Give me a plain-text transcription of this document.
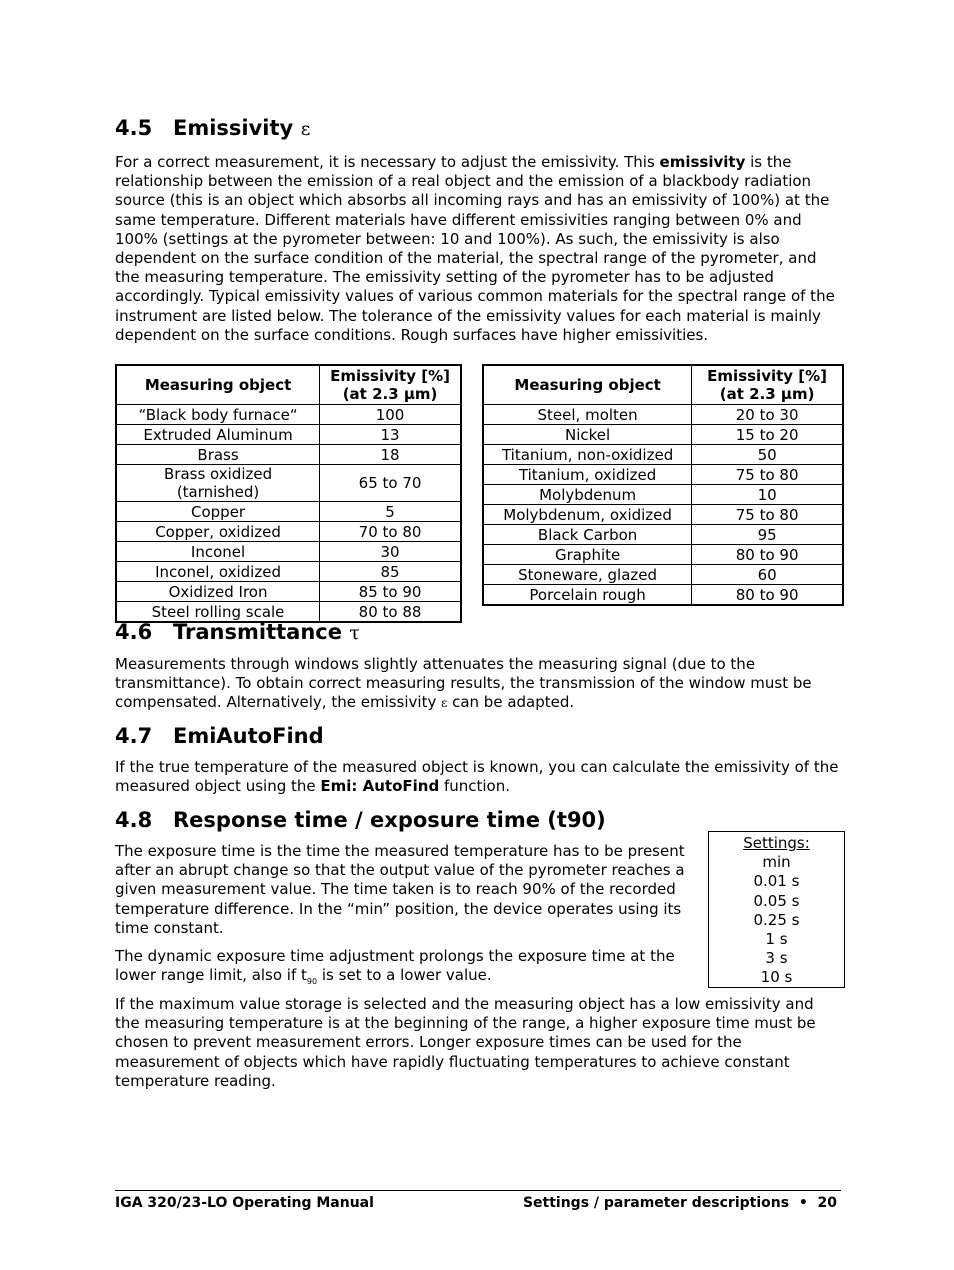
4.5 Emissivity ε

For a correct measurement, it is necessary to adjust the emissivity. This emissivity is the relationship between the emission of a real object and the emission of a blackbody radiation source (this is an object which absorbs all incoming rays and has an emissivity of 100%) at the same temperature. Different materials have different emissivities ranging between 0% and 100% (settings at the pyrometer between: 10 and 100%). As such, the emissivity is also dependent on the surface condition of the material, the spectral range of the pyrometer, and the measuring temperature. The emissivity setting of the pyrometer has to be adjusted accordingly. Typical emissivity values of various common materials for the spectral range of the instrument are listed below. The tolerance of the emissivity values for each material is mainly dependent on the surface conditions. Rough surfaces have higher emissivities.

Measuring object	Emissivity [%]
(at 2.3 µm)
“Black body furnace“	100
Extruded Aluminum	13
Brass	18
Brass oxidized (tarnished)	65 to 70
Copper	5
Copper, oxidized	70 to 80
Inconel	30
Inconel, oxidized	85
Oxidized Iron	85 to 90
Steel rolling scale	80 to 88
Measuring object	Emissivity [%]
(at 2.3 µm)
Steel, molten	20 to 30
Nickel	15 to 20
Titanium, non-oxidized	50
Titanium, oxidized	75 to 80
Molybdenum	10
Molybdenum, oxidized	75 to 80
Black Carbon	95
Graphite	80 to 90
Stoneware, glazed	60
Porcelain rough	80 to 90
4.6 Transmittance τ

Measurements through windows slightly attenuates the measuring signal (due to the transmittance). To obtain correct measuring results, the transmission of the window must be compensated. Alternatively, the emissivity ε can be adapted.

4.7 EmiAutoFind

If the true temperature of the measured object is known, you can calculate the emissivity of the measured object using the Emi: AutoFind function.

4.8 Response time / exposure time (t90)

The exposure time is the time the measured temperature has to be present after an abrupt change so that the output value of the pyrometer reaches a given measurement value. The time taken is to reach 90% of the recorded temperature difference. In the “min” position, the device operates using its time constant.

The dynamic exposure time adjustment prolongs the exposure time at the lower range limit, also if $t_{90}$ is set to a lower value.

Settings:
min
0.01 s
0.05 s
0.25 s
1 s
3 s
10 s

If the maximum value storage is selected and the measuring object has a low emissivity and the measuring temperature is at the beginning of the range, a higher exposure time must be chosen to prevent measurement errors. Longer exposure times can be used for the measurement of objects which have rapidly fluctuating temperatures to achieve constant temperature reading.

IGA 320/23-LO Operating Manual	Settings / parameter descriptions • 20
